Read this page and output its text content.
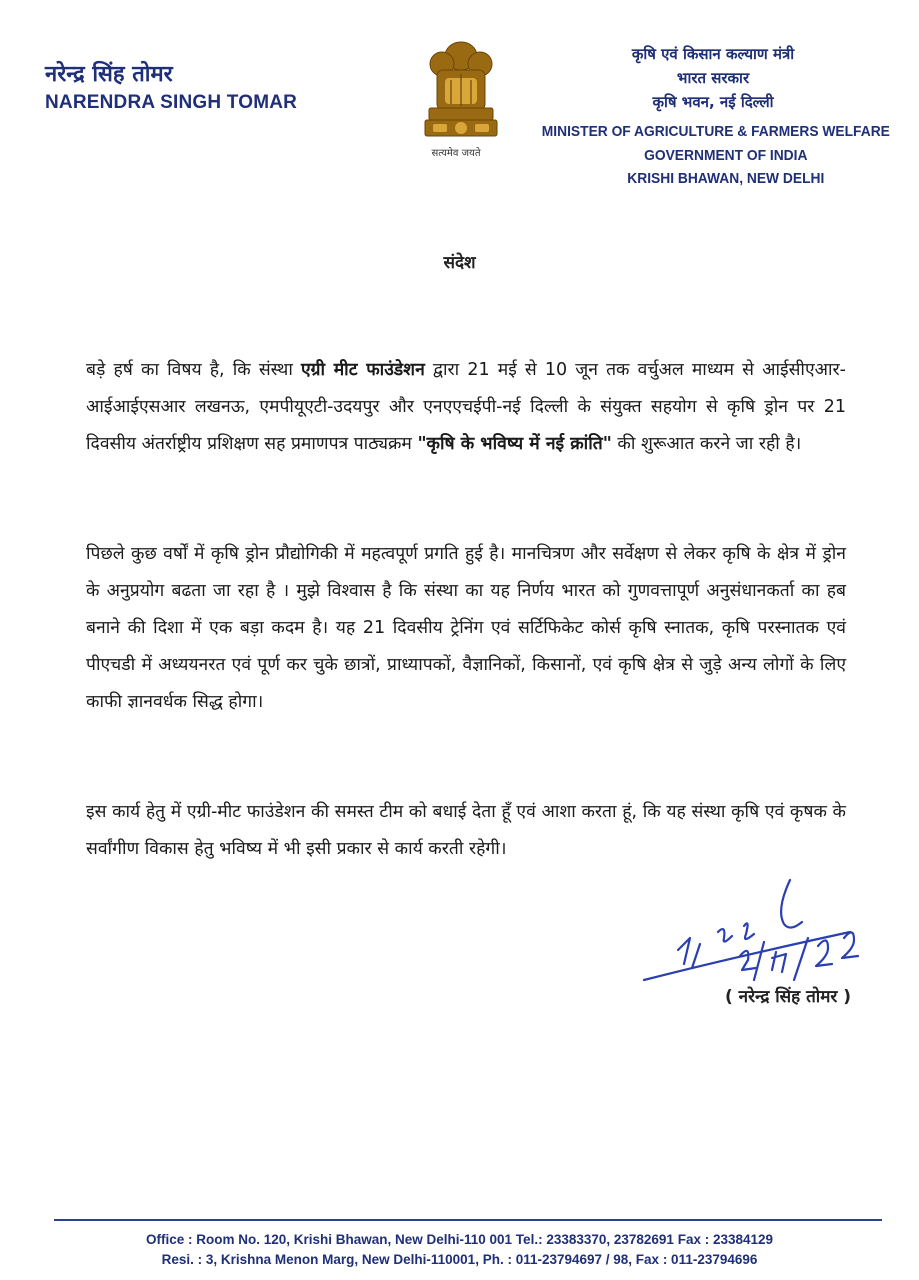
नरेन्द्र सिंह तोमर
NARENDRA SINGH TOMAR
सत्यमेव जयते
कृषि एवं किसान कल्याण मंत्री
भारत सरकार
कृषि भवन, नई दिल्ली
MINISTER OF AGRICULTURE & FARMERS WELFARE
GOVERNMENT OF INDIA
KRISHI BHAWAN, NEW DELHI
संदेश
बड़े हर्ष का विषय है, कि संस्था एग्री मीट फाउंडेशन द्वारा 21 मई से 10 जून तक वर्चुअल माध्यम से आईसीएआर-आईआईएसआर लखनऊ, एमपीयूएटी-उदयपुर और एनएएचईपी-नई दिल्ली के संयुक्त सहयोग से कृषि ड्रोन पर 21 दिवसीय अंतर्राष्ट्रीय प्रशिक्षण सह प्रमाणपत्र पाठ्यक्रम "कृषि के भविष्य में नई क्रांति" की शुरूआत करने जा रही है।
पिछले कुछ वर्षों में कृषि ड्रोन प्रौद्योगिकी में महत्वपूर्ण प्रगति हुई है। मानचित्रण और सर्वेक्षण से लेकर कृषि के क्षेत्र में ड्रोन के अनुप्रयोग बढता जा रहा है । मुझे विश्वास है कि संस्था का यह निर्णय भारत को गुणवत्तापूर्ण अनुसंधानकर्ता का हब बनाने की दिशा में एक बड़ा कदम है। यह 21 दिवसीय ट्रेनिंग एवं सर्टिफिकेट कोर्स कृषि स्नातक, कृषि परस्नातक एवं पीएचडी में अध्ययनरत एवं पूर्ण कर चुके छात्रों, प्राध्यापकों, वैज्ञानिकों, किसानों, एवं कृषि क्षेत्र से जुड़े अन्य लोगों के लिए काफी ज्ञानवर्धक सिद्ध होगा।
इस कार्य हेतु में एग्री-मीट फाउंडेशन की समस्त टीम को बधाई देता हूँ एवं आशा करता हूं, कि यह संस्था कृषि एवं कृषक के सर्वांगीण विकास हेतु भविष्य में भी इसी प्रकार से कार्य करती रहेगी।
( नरेन्द्र सिंह तोमर )
Office : Room No. 120, Krishi Bhawan, New Delhi-110 001 Tel.: 23383370, 23782691 Fax : 23384129
Resi. : 3, Krishna Menon Marg, New Delhi-110001, Ph. : 011-23794697 / 98, Fax : 011-23794696
